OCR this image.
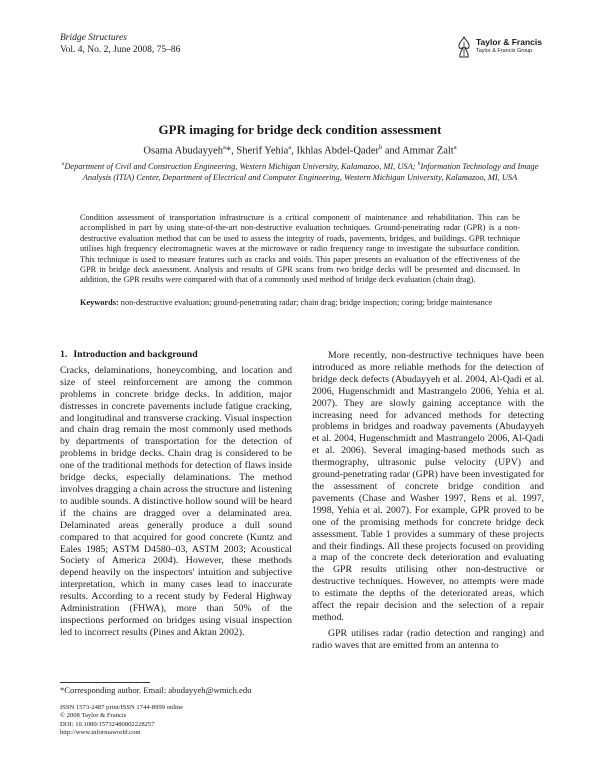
Bridge Structures
Vol. 4, No. 2, June 2008, 75–86
Taylor & Francis
Taylor & Francis Group
GPR imaging for bridge deck condition assessment
Osama Abudayyeh$^a$*, Sherif Yehia$^a$, Ikhlas Abdel-Qader$^b$ and Ammar Zalt$^a$
$^a$Department of Civil and Construction Engineering, Western Michigan University, Kalamazoo, MI, USA; $^b$Information Technology and Image Analysis (ITIA) Center, Department of Electrical and Computer Engineering, Western Michigan University, Kalamazoo, MI, USA
Condition assessment of transportation infrastructure is a critical component of maintenance and rehabilitation. This can be accomplished in part by using state-of-the-art non-destructive evaluation techniques. Ground-penetrating radar (GPR) is a non-destructive evaluation method that can be used to assess the integrity of roads, pavements, bridges, and buildings. GPR technique utilises high frequency electromagnetic waves at the microwave or radio frequency range to investigate the subsurface condition. This technique is used to measure features such as cracks and voids. This paper presents an evaluation of the effectiveness of the GPR in bridge deck assessment. Analysis and results of GPR scans from two bridge decks will be presented and discussed. In addition, the GPR results were compared with that of a commonly used method of bridge deck evaluation (chain drag).
Keywords: non-destructive evaluation; ground-penetrating radar; chain drag; bridge inspection; coring; bridge maintenance
1. Introduction and background

Cracks, delaminations, honeycombing, and location and size of steel reinforcement are among the common problems in concrete bridge decks. In addition, major distresses in concrete pavements include fatigue cracking, and longitudinal and transverse cracking. Visual inspection and chain drag remain the most commonly used methods by departments of transportation for the detection of problems in bridge decks. Chain drag is considered to be one of the traditional methods for detection of flaws inside bridge decks, especially delaminations. The method involves dragging a chain across the structure and listening to audible sounds. A distinctive hollow sound will be heard if the chains are dragged over a delaminated area. Delaminated areas generally produce a dull sound compared to that acquired for good concrete (Kuntz and Eales 1985; ASTM D4580–03, ASTM 2003; Acoustical Society of America 2004). However, these methods depend heavily on the inspectors' intuition and subjective interpretation, which in many cases lead to inaccurate results. According to a recent study by Federal Highway Administration (FHWA), more than 50% of the inspections performed on bridges using visual inspection led to incorrect results (Pines and Aktan 2002).

More recently, non-destructive techniques have been introduced as more reliable methods for the detection of bridge deck defects (Abudayyeh et al. 2004, Al-Qadi et al. 2006, Hugenschmidt and Mastrangelo 2006, Yehia et al. 2007). They are slowly gaining acceptance with the increasing need for advanced methods for detecting problems in bridges and roadway pavements (Abudayyeh et al. 2004, Hugenschmidt and Mastrangelo 2006, Al-Qadi et al. 2006). Several imaging-based methods such as thermography, ultrasonic pulse velocity (UPV) and ground-penetrating radar (GPR) have been investigated for the assessment of concrete bridge condition and pavements (Chase and Washer 1997, Rens et al. 1997, 1998, Yehia et al. 2007). For example, GPR proved to be one of the promising methods for concrete bridge deck assessment. Table 1 provides a summary of these projects and their findings. All these projects focused on providing a map of the concrete deck deterioration and evaluating the GPR results utilising other non-destructive or destructive techniques. However, no attempts were made to estimate the depths of the deteriorated areas, which affect the repair decision and the selection of a repair method.

GPR utilises radar (radio detection and ranging) and radio waves that are emitted from an antenna to

*Corresponding author. Email: abudayyeh@wmich.edu
ISSN 1573-2487 print/ISSN 1744-8999 online
© 2008 Taylor & Francis
DOI: 10.1080/15732480802228257
http://www.informaworld.com
